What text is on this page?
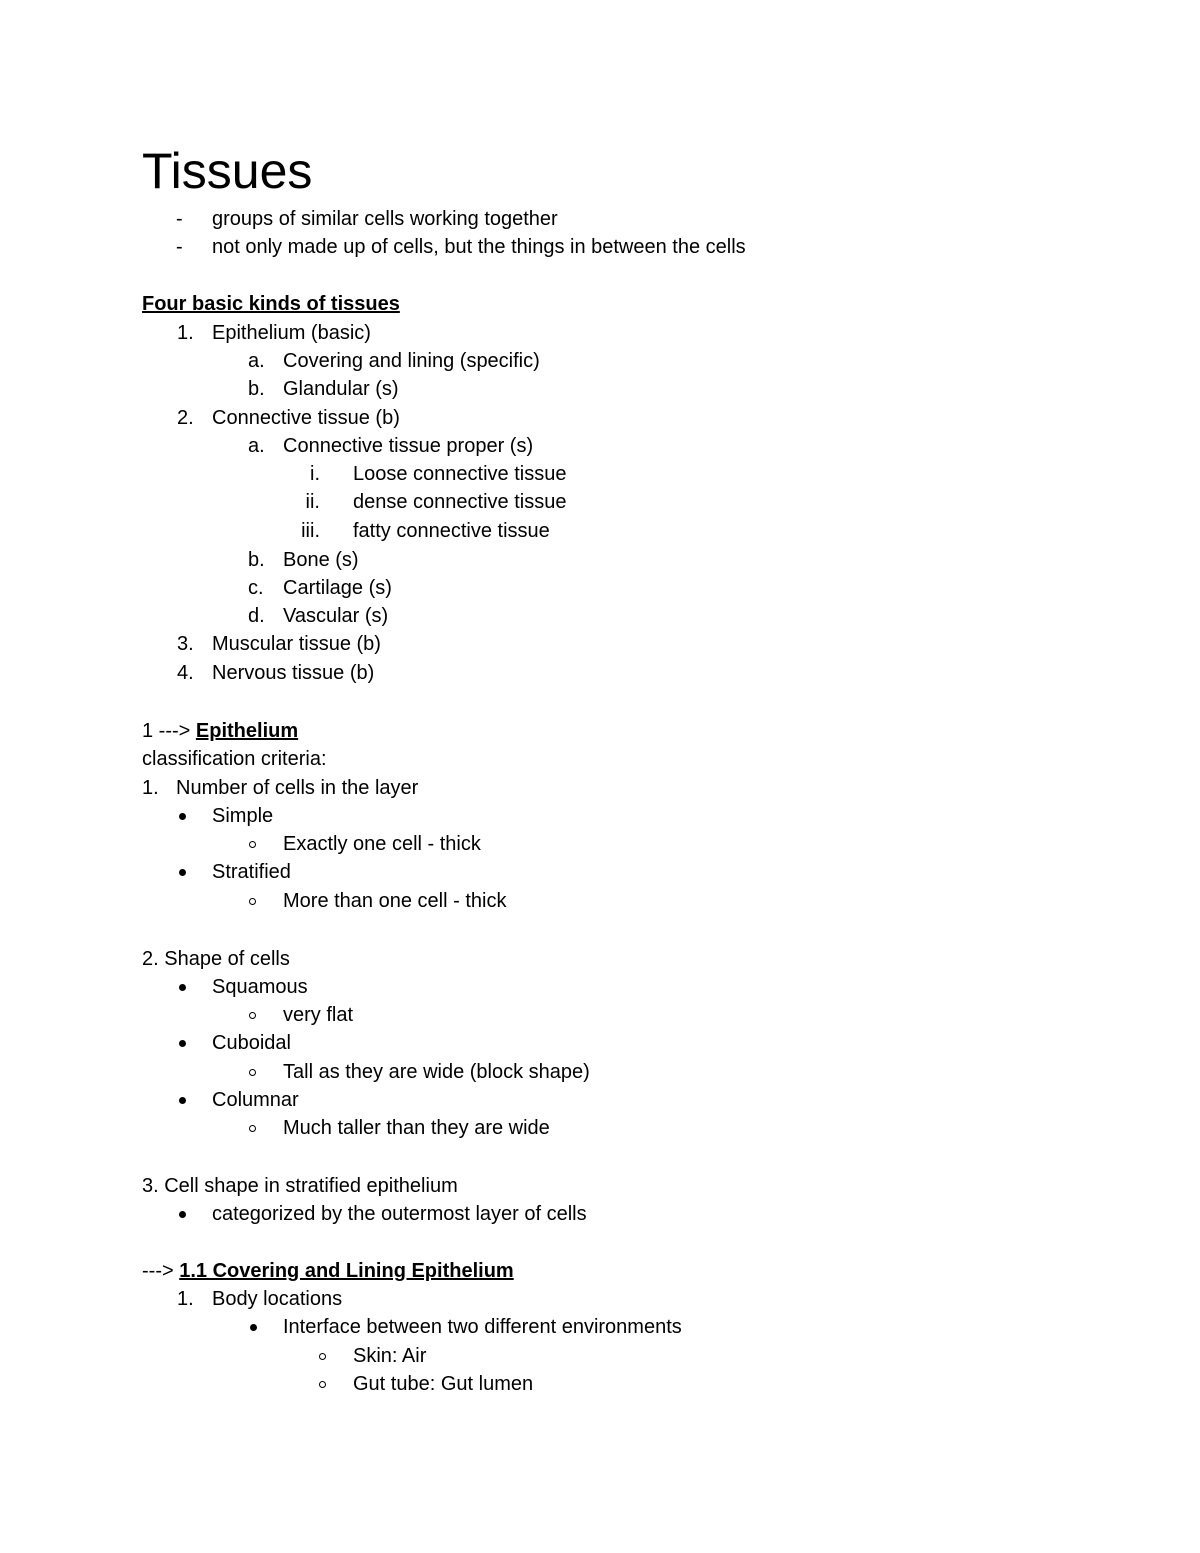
Tissues
- groups of similar cells working together
- not only made up of cells, but the things in between the cells
Four basic kinds of tissues
1. Epithelium (basic)
a. Covering and lining (specific)
b. Glandular (s)
2. Connective tissue (b)
a. Connective tissue proper (s)
i. Loose connective tissue
ii. dense connective tissue
iii. fatty connective tissue
b. Bone (s)
c. Cartilage (s)
d. Vascular (s)
3. Muscular tissue (b)
4. Nervous tissue (b)
1 ---> Epithelium
classification criteria:
1. Number of cells in the layer
Simple
Exactly one cell - thick
Stratified
More than one cell - thick
2. Shape of cells
Squamous
very flat
Cuboidal
Tall as they are wide (block shape)
Columnar
Much taller than they are wide
3. Cell shape in stratified epithelium
categorized by the outermost layer of cells
---> 1.1 Covering and Lining Epithelium
1. Body locations
Interface between two different environments
Skin: Air
Gut tube: Gut lumen
